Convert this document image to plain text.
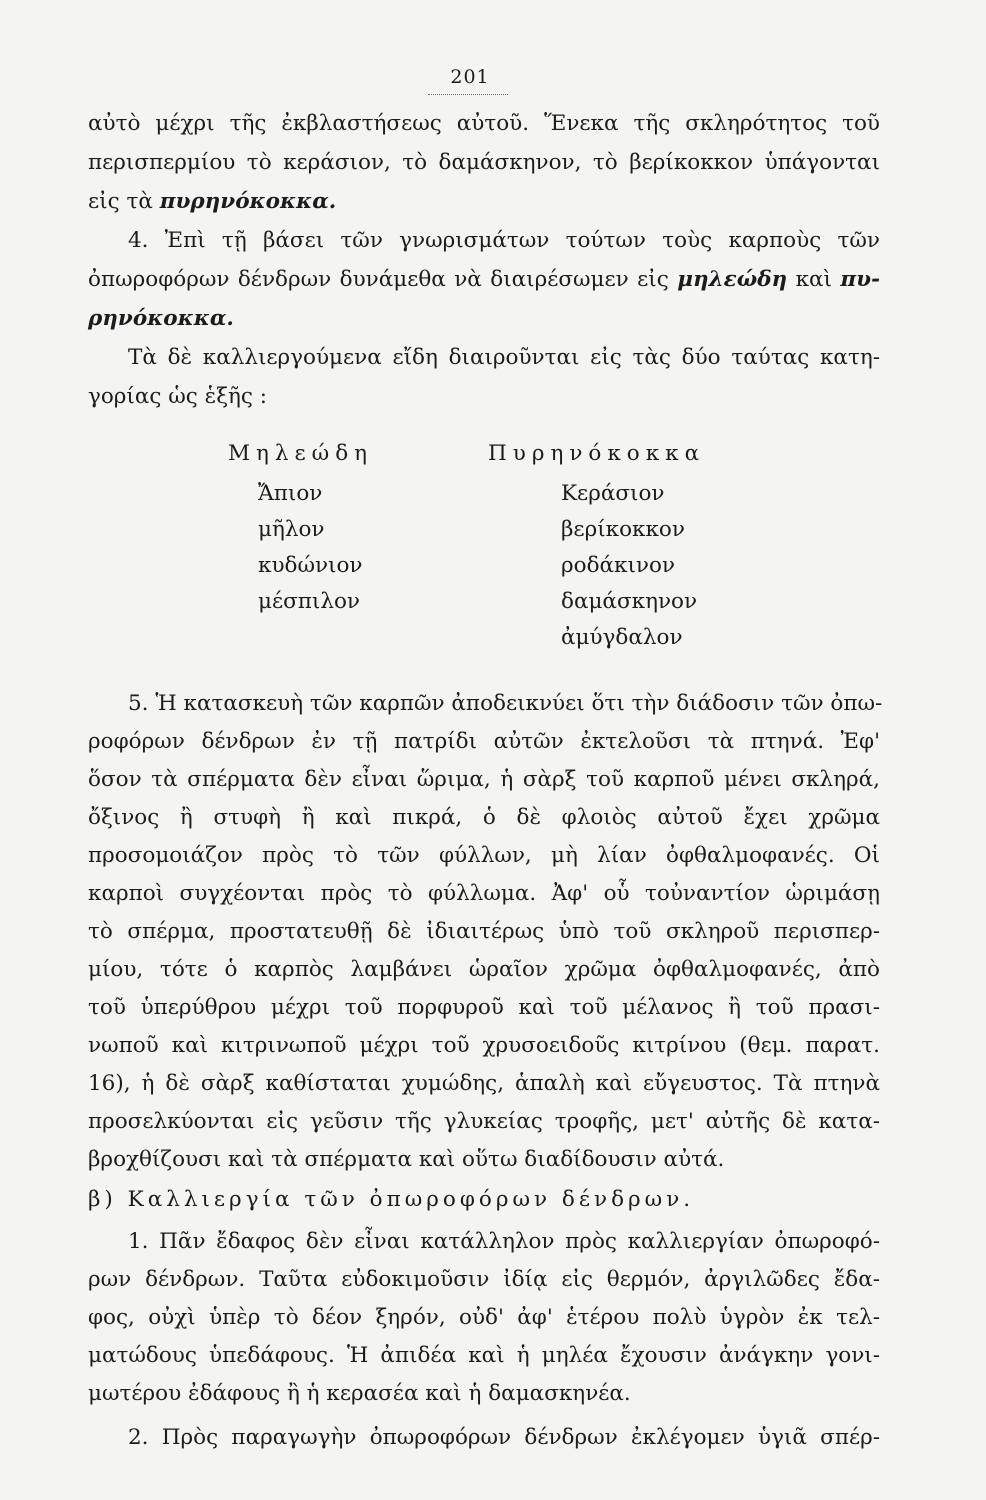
201
αὐτὸ μέχρι τῆς ἐκβλαστήσεως αὐτοῦ. Ἕνεκα τῆς σκληρότητος τοῦ
περισπερμίου τὸ κεράσιον, τὸ δαμάσκηνον, τὸ βερίκοκκον ὑπάγονται
εἰς τὰ πυρηνόκοκκα.
4. Ἐπὶ τῇ βάσει τῶν γνωρισμάτων τούτων τοὺς καρποὺς τῶν
ὀπωροφόρων δένδρων δυνάμεθα νὰ διαιρέσωμεν εἰς μηλεώδη καὶ πυ-
ρηνόκοκκα.
Τὰ δὲ καλλιεργούμενα εἴδη διαιροῦνται εἰς τὰς δύο ταύτας κατη-
γορίας ὡς ἑξῆς :
Μηλεώδη	Πυρηνόκοκκα
Ἄπιον
μῆλον
κυδώνιον
μέσπιλον
Κεράσιον
βερίκοκκον
ροδάκινον
δαμάσκηνον
ἀμύγδαλον
5. Ἡ κατασκευὴ τῶν καρπῶν ἀποδεικνύει ὅτι τὴν διάδοσιν τῶν ὀπω-
ροφόρων δένδρων ἐν τῇ πατρίδι αὐτῶν ἐκτελοῦσι τὰ πτηνά. Ἐφ'
ὅσον τὰ σπέρματα δὲν εἶναι ὥριμα, ἡ σὰρξ τοῦ καρποῦ μένει σκληρά,
ὄξινος ἢ στυφὴ ἢ καὶ πικρά, ὁ δὲ φλοιὸς αὐτοῦ ἔχει χρῶμα
προσομοιάζον πρὸς τὸ τῶν φύλλων, μὴ λίαν ὀφθαλμοφανές. Οἱ
καρποὶ συγχέονται πρὸς τὸ φύλλωμα. Ἀφ' οὗ τοὐναντίον ὡριμάσῃ
τὸ σπέρμα, προστατευθῇ δὲ ἰδιαιτέρως ὑπὸ τοῦ σκληροῦ περισπερ-
μίου, τότε ὁ καρπὸς λαμβάνει ὡραῖον χρῶμα ὀφθαλμοφανές, ἀπὸ
τοῦ ὑπερύθρου μέχρι τοῦ πορφυροῦ καὶ τοῦ μέλανος ἢ τοῦ πρασι-
νωποῦ καὶ κιτρινωποῦ μέχρι τοῦ χρυσοειδοῦς κιτρίνου (θεμ. παρατ.
16), ἡ δὲ σὰρξ καθίσταται χυμώδης, ἁπαλὴ καὶ εὔγευστος. Τὰ πτηνὰ
προσελκύονται εἰς γεῦσιν τῆς γλυκείας τροφῆς, μετ' αὐτῆς δὲ κατα-
βροχθίζουσι καὶ τὰ σπέρματα καὶ οὕτω διαδίδουσιν αὐτά.
β) Καλλιεργία τῶν ὀπωροφόρων δένδρων.
1. Πᾶν ἔδαφος δὲν εἶναι κατάλληλον πρὸς καλλιεργίαν ὀπωροφό-
ρων δένδρων. Ταῦτα εὐδοκιμοῦσιν ἰδίᾳ εἰς θερμόν, ἀργιλῶδες ἔδα-
φος, οὐχὶ ὑπὲρ τὸ δέον ξηρόν, οὐδ' ἀφ' ἑτέρου πολὺ ὑγρὸν ἐκ τελ-
ματώδους ὑπεδάφους. Ἡ ἀπιδέα καὶ ἡ μηλέα ἔχουσιν ἀνάγκην γονι-
μωτέρου ἐδάφους ἢ ἡ κερασέα καὶ ἡ δαμασκηνέα.
2. Πρὸς παραγωγὴν ὀπωροφόρων δένδρων ἐκλέγομεν ὑγιᾶ σπέρ-
